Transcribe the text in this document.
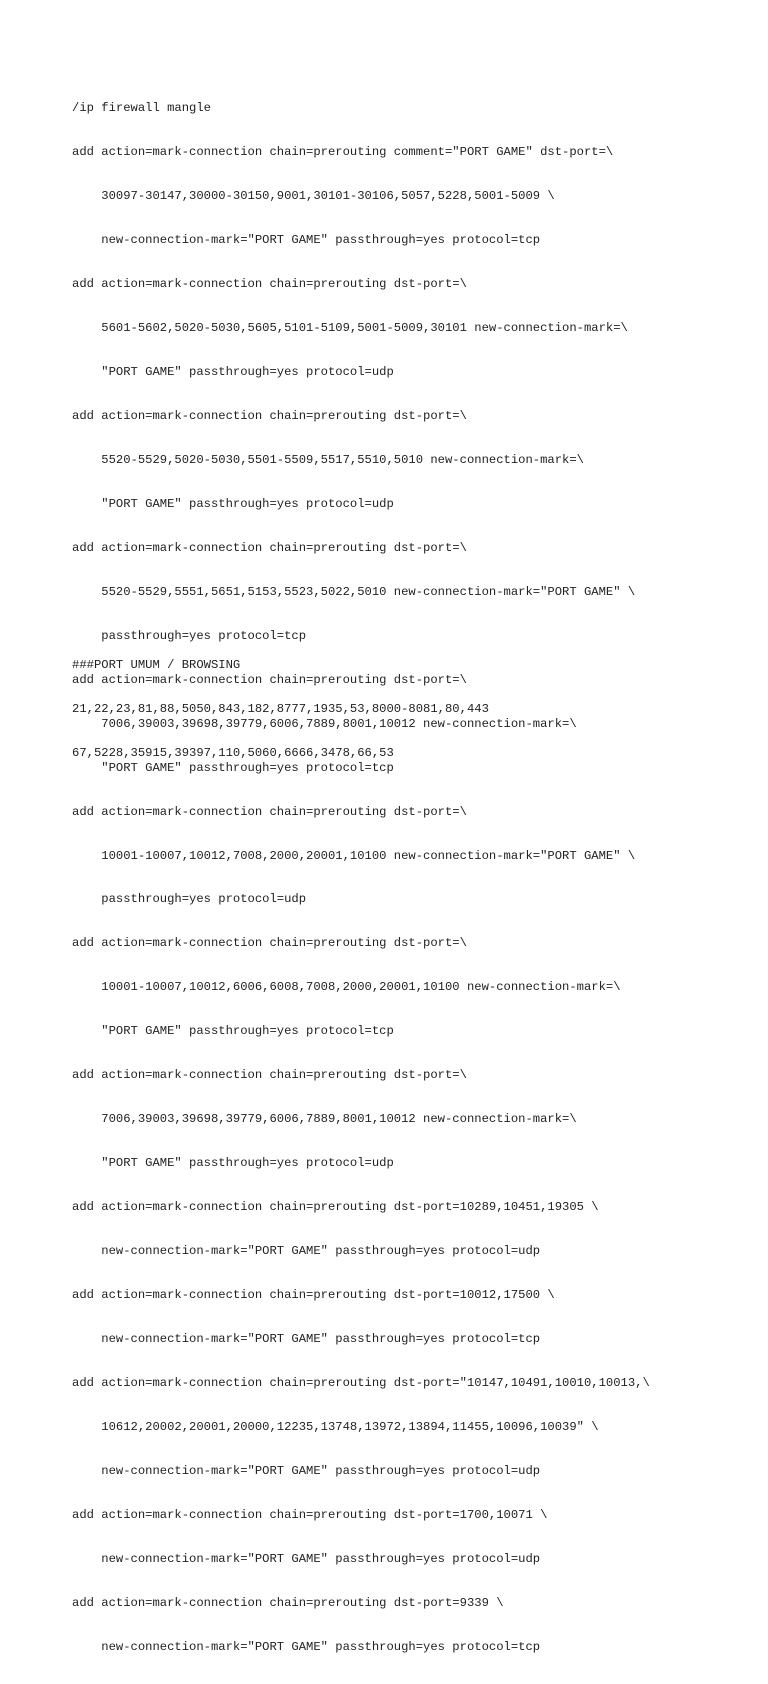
/ip firewall mangle

add action=mark-connection chain=prerouting comment="PORT GAME" dst-port=\

30097-30147,30000-30150,9001,30101-30106,5057,5228,5001-5009 \

new-connection-mark="PORT GAME" passthrough=yes protocol=tcp

add action=mark-connection chain=prerouting dst-port=\

5601-5602,5020-5030,5605,5101-5109,5001-5009,30101 new-connection-mark=\

"PORT GAME" passthrough=yes protocol=udp

add action=mark-connection chain=prerouting dst-port=\

5520-5529,5020-5030,5501-5509,5517,5510,5010 new-connection-mark=\

"PORT GAME" passthrough=yes protocol=udp

add action=mark-connection chain=prerouting dst-port=\

5520-5529,5551,5651,5153,5523,5022,5010 new-connection-mark="PORT GAME" \

passthrough=yes protocol=tcp

add action=mark-connection chain=prerouting dst-port=\

7006,39003,39698,39779,6006,7889,8001,10012 new-connection-mark=\

"PORT GAME" passthrough=yes protocol=tcp

add action=mark-connection chain=prerouting dst-port=\

10001-10007,10012,7008,2000,20001,10100 new-connection-mark="PORT GAME" \

passthrough=yes protocol=udp

add action=mark-connection chain=prerouting dst-port=\

10001-10007,10012,6006,6008,7008,2000,20001,10100 new-connection-mark=\

"PORT GAME" passthrough=yes protocol=tcp

add action=mark-connection chain=prerouting dst-port=\

7006,39003,39698,39779,6006,7889,8001,10012 new-connection-mark=\

"PORT GAME" passthrough=yes protocol=udp

add action=mark-connection chain=prerouting dst-port=10289,10451,19305 \

new-connection-mark="PORT GAME" passthrough=yes protocol=udp

add action=mark-connection chain=prerouting dst-port=10012,17500 \

new-connection-mark="PORT GAME" passthrough=yes protocol=tcp

add action=mark-connection chain=prerouting dst-port="10147,10491,10010,10013,\

10612,20002,20001,20000,12235,13748,13972,13894,11455,10096,10039" \

new-connection-mark="PORT GAME" passthrough=yes protocol=udp

add action=mark-connection chain=prerouting dst-port=1700,10071 \

new-connection-mark="PORT GAME" passthrough=yes protocol=udp

add action=mark-connection chain=prerouting dst-port=9339 \

new-connection-mark="PORT GAME" passthrough=yes protocol=tcp

###PORT UMUM / BROWSING

21,22,23,81,88,5050,843,182,8777,1935,53,8000-8081,80,443

67,5228,35915,39397,110,5060,6666,3478,66,53
